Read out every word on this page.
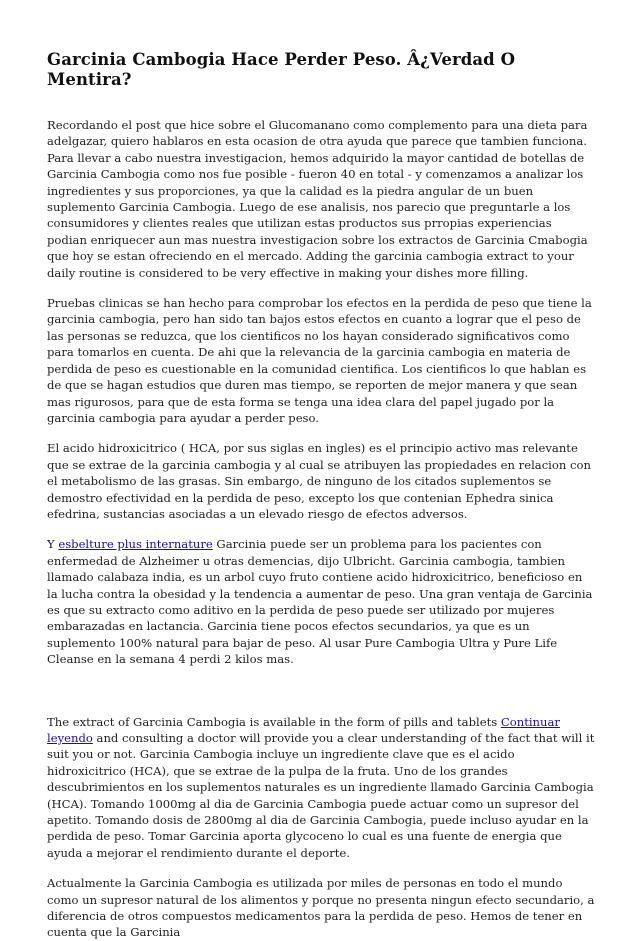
Garcinia Cambogia Hace Perder Peso. Â¿Verdad O Mentira?

Recordando el post que hice sobre el Glucomanano como complemento para una dieta para adelgazar, quiero hablaros en esta ocasion de otra ayuda que parece que tambien funciona. Para llevar a cabo nuestra investigacion, hemos adquirido la mayor cantidad de botellas de Garcinia Cambogia como nos fue posible - fueron 40 en total - y comenzamos a analizar los ingredientes y sus proporciones, ya que la calidad es la piedra angular de un buen suplemento Garcinia Cambogia. Luego de ese analisis, nos parecio que preguntarle a los consumidores y clientes reales que utilizan estas productos sus prropias experiencias podian enriquecer aun mas nuestra investigacion sobre los extractos de Garcinia Cmabogia que hoy se estan ofreciendo en el mercado. Adding the garcinia cambogia extract to your daily routine is considered to be very effective in making your dishes more filling.

Pruebas clinicas se han hecho para comprobar los efectos en la perdida de peso que tiene la garcinia cambogia, pero han sido tan bajos estos efectos en cuanto a lograr que el peso de las personas se reduzca, que los cientificos no los hayan considerado significativos como para tomarlos en cuenta. De ahi que la relevancia de la garcinia cambogia en materia de perdida de peso es cuestionable en la comunidad cientifica. Los cientificos lo que hablan es de que se hagan estudios que duren mas tiempo, se reporten de mejor manera y que sean mas rigurosos, para que de esta forma se tenga una idea clara del papel jugado por la garcinia cambogia para ayudar a perder peso.

El acido hidroxicitrico ( HCA, por sus siglas en ingles) es el principio activo mas relevante que se extrae de la garcinia cambogia y al cual se atribuyen las propiedades en relacion con el metabolismo de las grasas. Sin embargo, de ninguno de los citados suplementos se demostro efectividad en la perdida de peso, excepto los que contenian Ephedra sinica efedrina, sustancias asociadas a un elevado riesgo de efectos adversos.

Y esbelture plus internature Garcinia puede ser un problema para los pacientes con enfermedad de Alzheimer u otras demencias, dijo Ulbricht. Garcinia cambogia, tambien llamado calabaza india, es un arbol cuyo fruto contiene acido hidroxicitrico, beneficioso en la lucha contra la obesidad y la tendencia a aumentar de peso. Una gran ventaja de Garcinia es que su extracto como aditivo en la perdida de peso puede ser utilizado por mujeres embarazadas en lactancia. Garcinia tiene pocos efectos secundarios, ya que es un suplemento 100% natural para bajar de peso. Al usar Pure Cambogia Ultra y Pure Life Cleanse en la semana 4 perdi 2 kilos mas.

The extract of Garcinia Cambogia is available in the form of pills and tablets Continuar leyendo and consulting a doctor will provide you a clear understanding of the fact that will it suit you or not. Garcinia Cambogia incluye un ingrediente clave que es el acido hidroxicitrico (HCA), que se extrae de la pulpa de la fruta. Uno de los grandes descubrimientos en los suplementos naturales es un ingrediente llamado Garcinia Cambogia (HCA). Tomando 1000mg al dia de Garcinia Cambogia puede actuar como un supresor del apetito. Tomando dosis de 2800mg al dia de Garcinia Cambogia, puede incluso ayudar en la perdida de peso. Tomar Garcinia aporta glycoceno lo cual es una fuente de energia que ayuda a mejorar el rendimiento durante el deporte.

Actualmente la Garcinia Cambogia es utilizada por miles de personas en todo el mundo como un supresor natural de los alimentos y porque no presenta ningun efecto secundario, a diferencia de otros compuestos medicamentos para la perdida de peso. Hemos de tener en cuenta que la Garcinia
